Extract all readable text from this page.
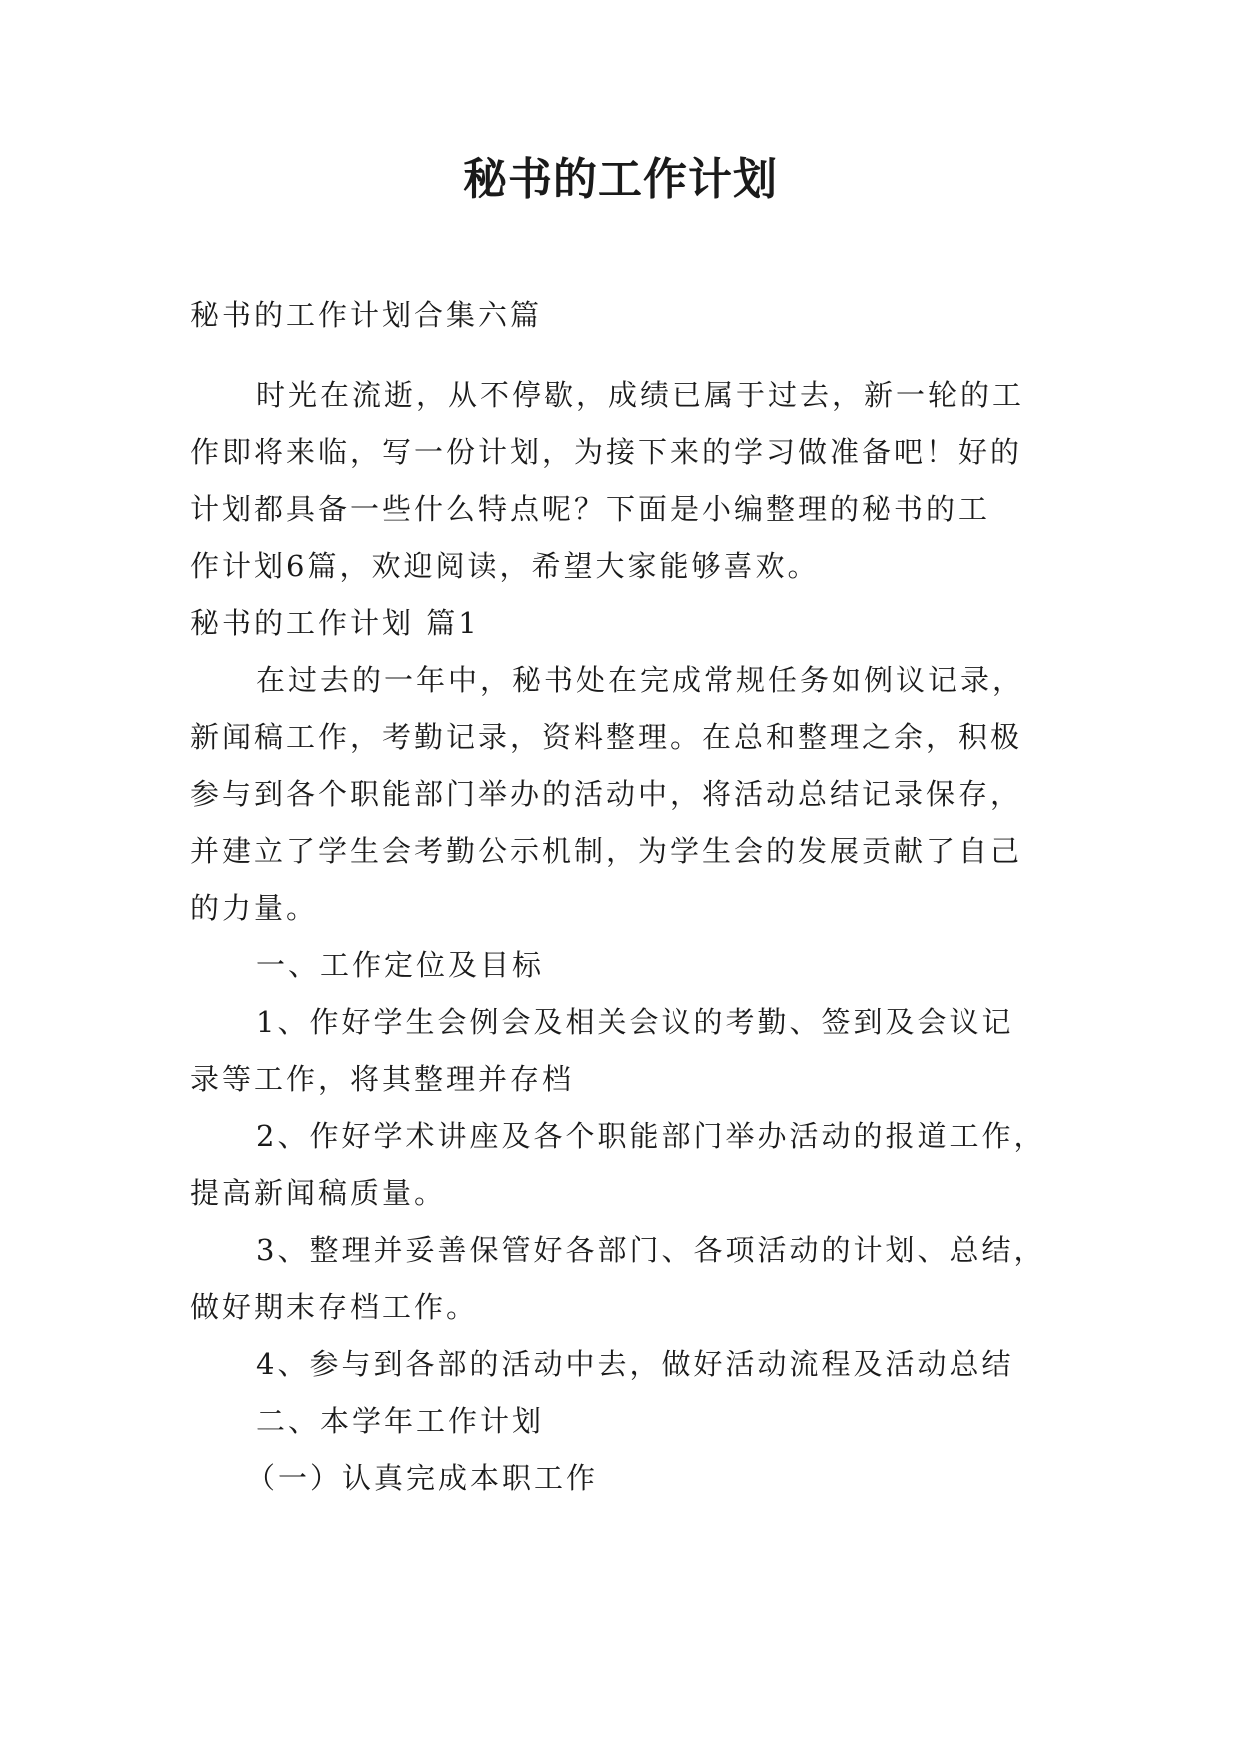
秘书的工作计划
秘书的工作计划合集六篇
时光在流逝，从不停歇，成绩已属于过去，新一轮的工
作即将来临，写一份计划，为接下来的学习做准备吧！好的
计划都具备一些什么特点呢？下面是小编整理的秘书的工
作计划6篇，欢迎阅读，希望大家能够喜欢。
秘书的工作计划 篇1
在过去的一年中，秘书处在完成常规任务如例议记录，
新闻稿工作，考勤记录，资料整理。在总和整理之余，积极
参与到各个职能部门举办的活动中，将活动总结记录保存，
并建立了学生会考勤公示机制，为学生会的发展贡献了自己
的力量。
一、工作定位及目标
1、作好学生会例会及相关会议的考勤、签到及会议记
录等工作，将其整理并存档
2、作好学术讲座及各个职能部门举办活动的报道工作，
提高新闻稿质量。
3、整理并妥善保管好各部门、各项活动的计划、总结，
做好期末存档工作。
4、参与到各部的活动中去，做好活动流程及活动总结
二、本学年工作计划
（一）认真完成本职工作
